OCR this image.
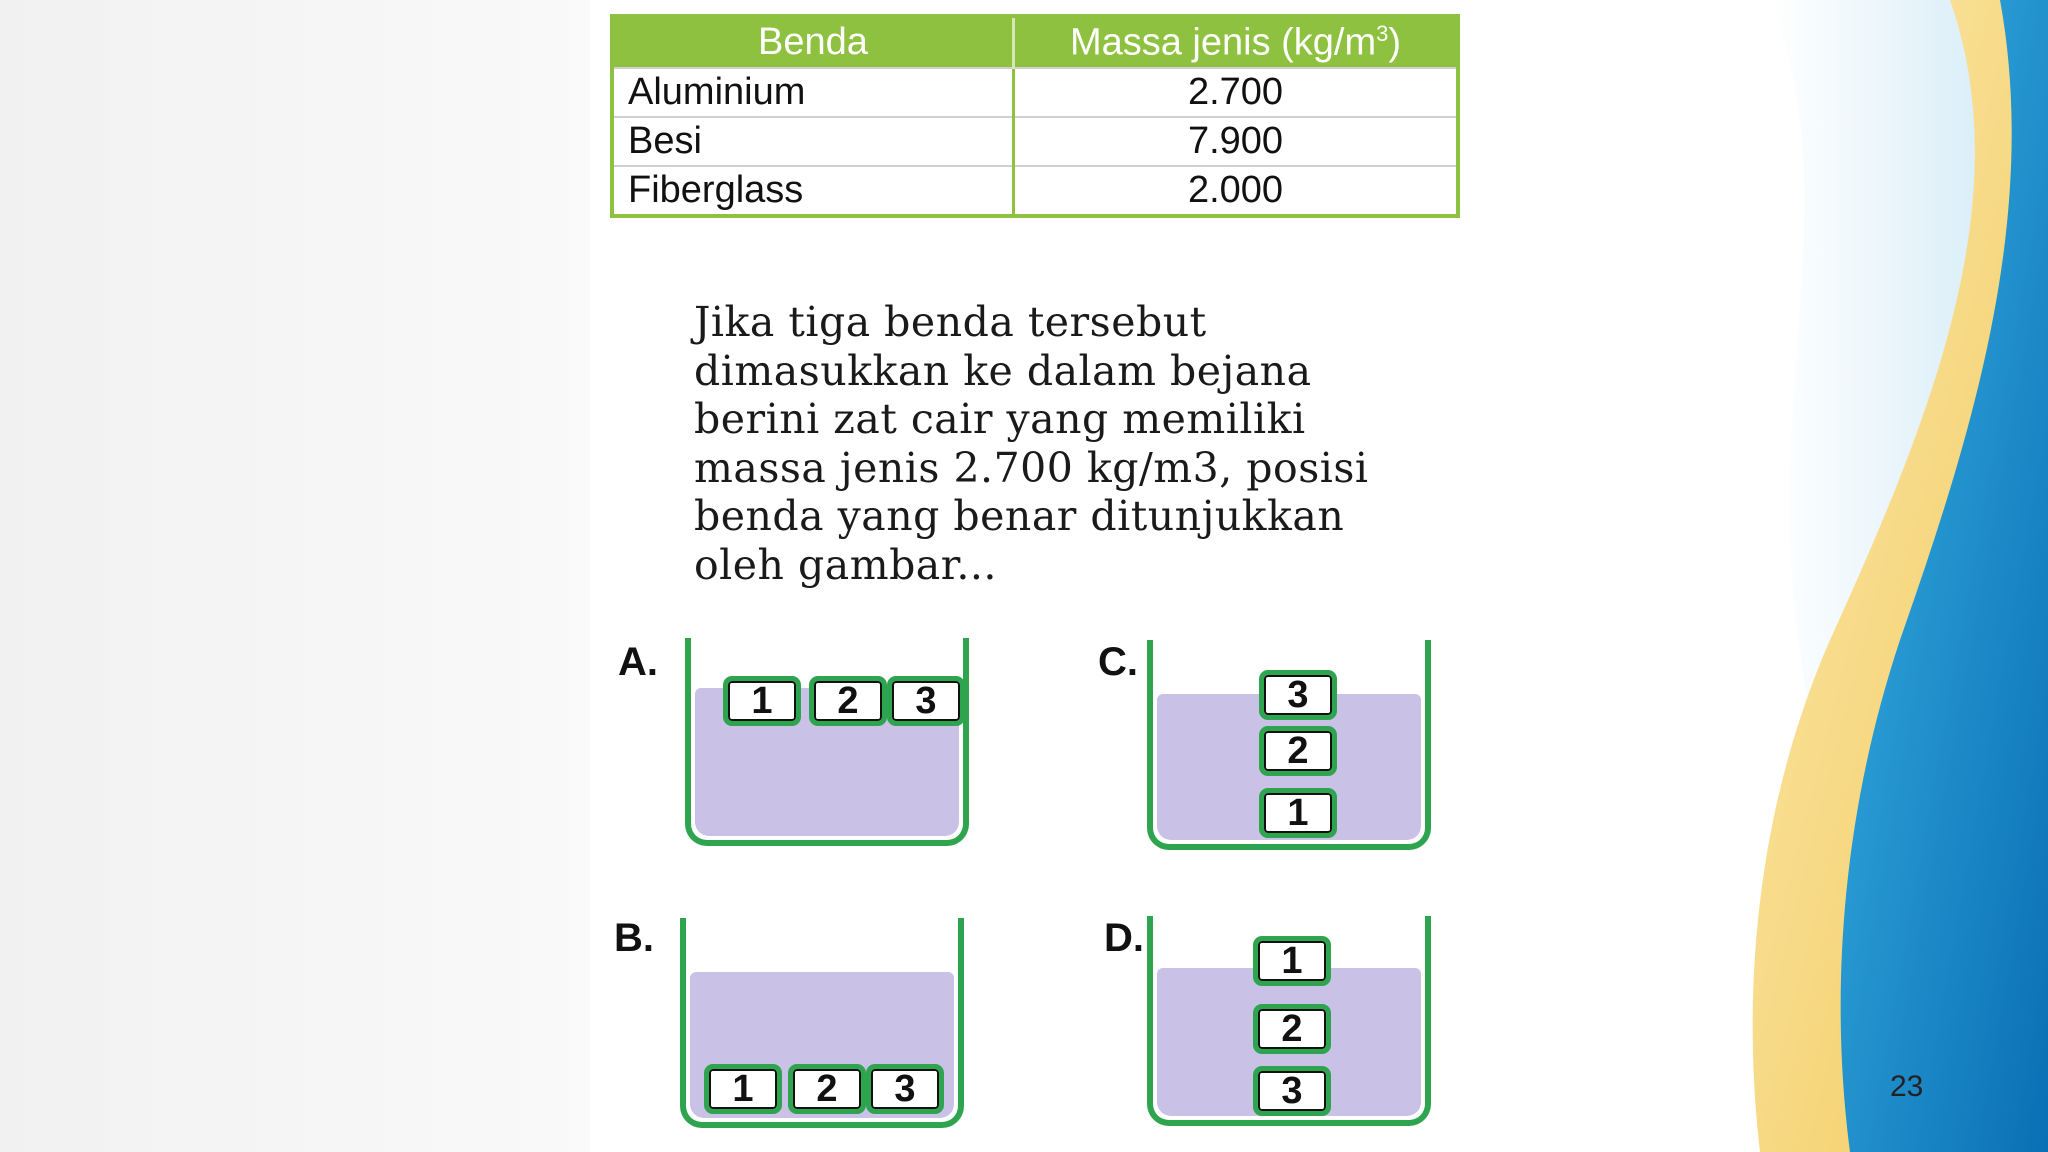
Benda	Massa jenis $(kg/m^3)$
Aluminium	2.700
Besi	7.900
Fiberglass	2.000
Jika tiga benda tersebut
dimasukkan ke dalam bejana
berini zat cair yang memiliki
massa jenis 2.700 kg/m3, posisi
benda yang benar ditunjukkan
oleh gambar...
A.
1	2	3
C.
3
2
1
B.
1	2	3
D.
1
2
3	23
